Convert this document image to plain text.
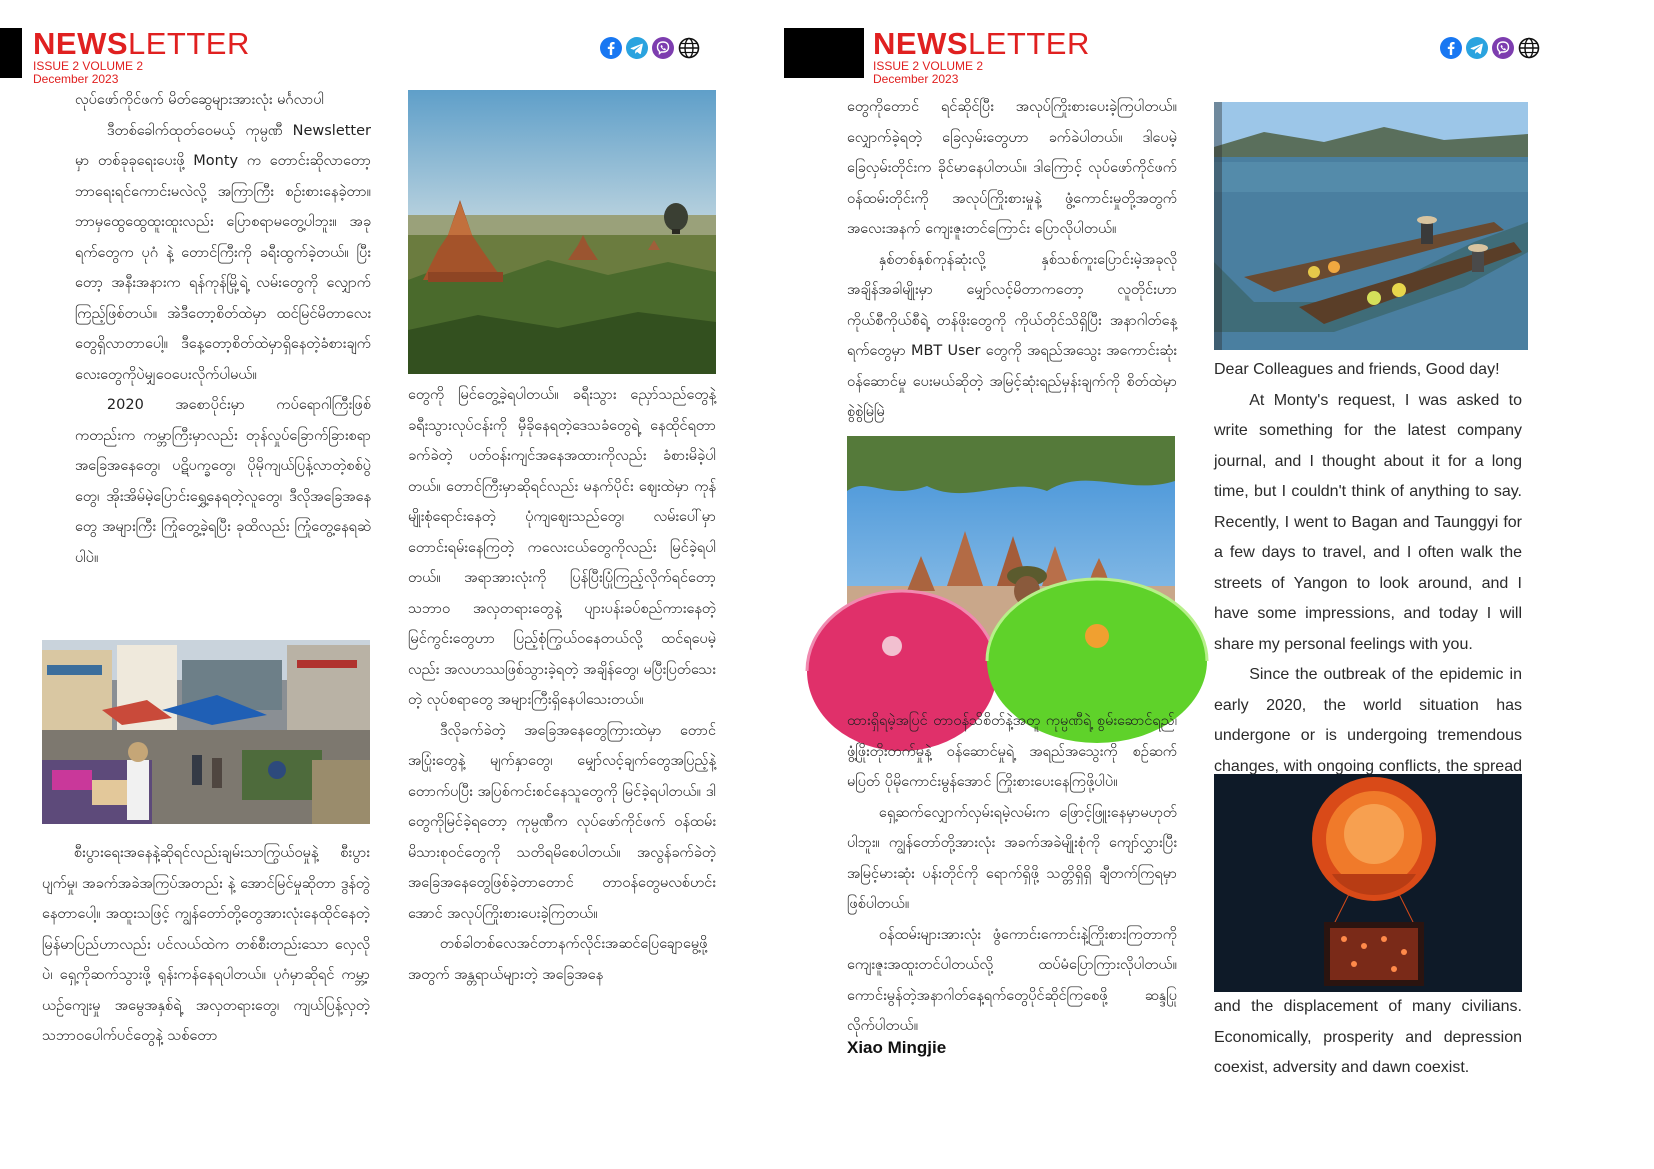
NEWSLETTER
ISSUE 2 VOLUME 2
December 2023

လုပ်ဖော်ကိုင်ဖက် မိတ်ဆွေများအားလုံး မင်္ဂလာပါ

ဒီတစ်ခေါက်ထုတ်ဝေမယ့် ကုမ္ပဏီ Newsletter မှာ တစ်ခုခုရေးပေးဖို့ Monty က တောင်းဆိုလာတော့ ဘာရေးရင်ကောင်းမလဲလို့ အကြာကြီး စဉ်းစားနေခဲ့တာ။ ဘာမှထွေထွေထူးထူးလည်း ပြောစရာမတွေ့ပါဘူး။ အခုရက်တွေက ပုဂံ နဲ့ တောင်ကြီးကို ခရီးထွက်ခဲ့တယ်။ ပြီးတော့ အနီးအနားက ရန်ကုန်မြို့ရဲ့ လမ်းတွေကို လျှောက်ကြည့်ဖြစ်တယ်။ အဲဒီတော့စိတ်ထဲမှာ ထင်မြင်မိတာလေးတွေရှိလာတာပေါ့။ ဒီနေ့တော့စိတ်ထဲမှာရှိနေတဲ့ခံစားချက်လေးတွေကိုပဲမျှဝေပေးလိုက်ပါမယ်။

2020 အစောပိုင်းမှာ ကပ်ရောဂါကြီးဖြစ်ကတည်းက ကမ္ဘာကြီးမှာလည်း တုန်လှုပ်ခြောက်ခြားစရာ အခြေအနေတွေ၊ ပဋိပက္ခတွေ၊ ပိုမိုကျယ်ပြန့်လာတဲ့စစ်ပွဲတွေ၊ အိုးအိမ်မဲ့ပြောင်းရွှေ့နေရတဲ့လူတွေ၊ ဒီလိုအခြေအနေတွေ အများကြီး ကြုံတွေ့ခဲ့ရပြီး ခုထိလည်း ကြုံတွေ့နေရဆဲပါပဲ။

စီးပွားရေးအနေနဲ့ဆိုရင်လည်းချမ်းသာကြွယ်ဝမှုနဲ့ စီးပွားပျက်မှု၊ အခက်အခဲအကြပ်အတည်း နဲ့ အောင်မြင်မှုဆိုတာ ဒွန်တွဲနေတာပေါ့။ အထူးသဖြင့် ကျွန်တော်တို့တွေအားလုံးနေထိုင်နေတဲ့ မြန်မာပြည်ဟာလည်း ပင်လယ်ထဲက တစ်စီးတည်းသော လှေလိုပဲ၊ ရှေ့ကိုဆက်သွားဖို့ ရုန်းကန်နေရပါတယ်။ ပုဂံမှာဆိုရင် ကမ္ဘာ့ယဉ်ကျေးမှု အမွေအနှစ်ရဲ့ အလှတရားတွေ၊ ကျယ်ပြန့်လှတဲ့ သဘာဝပေါက်ပင်တွေနဲ့ သစ်တော

တွေကို မြင်တွေ့ခဲ့ရပါတယ်။ ခရီးသွား ညှော်သည်တွေနဲ့ ခရီးသွားလုပ်ငန်းကို မှီခိုနေရတဲ့ဒေသခံတွေရဲ့ နေထိုင်ရတာခက်ခဲတဲ့ ပတ်ဝန်းကျင်အနေအထားကိုလည်း ခံစားမိခဲ့ပါတယ်။ တောင်ကြီးမှာဆိုရင်လည်း မနက်ပိုင်း ဈေးထဲမှာ ကုန်မျိုးစုံရောင်းနေတဲ့ ပုံကျဈေးသည်တွေ၊ လမ်းပေါ်မှာ တောင်းရမ်းနေကြတဲ့ ကလေးငယ်တွေကိုလည်း မြင်ခဲ့ရပါတယ်။ အရာအားလုံးကို ပြန်ပြီးပြုံကြည့်လိုက်ရင်တော့ သဘာဝ အလှတရားတွေနဲ့ ပျားပန်းခပ်စည်ကားနေတဲ့ မြင်ကွင်းတွေဟာ ပြည့်စုံကြွယ်ဝနေတယ်လို့ ထင်ရပေမဲ့လည်း အလဟဿဖြစ်သွားခဲ့ရတဲ့ အချိန်တွေ၊ မပြီးပြတ်သေးတဲ့ လုပ်စရာတွေ အများကြီးရှိနေပါသေးတယ်။

ဒီလိုခက်ခဲတဲ့ အခြေအနေတွေကြားထဲမှာ တောင် အပြုံးတွေနဲ့ မျက်နှာတွေ၊ မျှော်လင့်ချက်တွေအပြည့်နဲ့ တောက်ပပြီး အပြစ်ကင်းစင်နေသူတွေကို မြင်ခဲ့ရပါတယ်။ ဒါတွေကိုမြင်ခဲ့ရတော့ ကုမ္ပဏီက လုပ်ဖော်ကိုင်ဖက် ဝန်ထမ်းမိသားစုဝင်တွေကို သတိရမိစေပါတယ်။ အလွန်ခက်ခဲတဲ့အခြေအနေတွေဖြစ်ခဲ့တာတောင် တာဝန်တွေမလစ်ဟင်းအောင် အလုပ်ကြိုးစားပေးခဲ့ကြတယ်။

တစ်ခါတစ်လေအင်တာနက်လိုင်းအဆင်ပြေချောမွေ့ဖို့အတွက် အန္တရာယ်များတဲ့ အခြေအနေ

NEWSLETTER
ISSUE 2 VOLUME 2
December 2023

တွေကိုတောင် ရင်ဆိုင်ပြီး အလုပ်ကြိုးစားပေးခဲ့ကြပါတယ်။ လျှောက်ခဲ့ရတဲ့ ခြေလှမ်းတွေဟာ ခက်ခဲပါတယ်။ ဒါပေမဲ့ ခြေလှမ်းတိုင်းက ခိုင်မာနေပါတယ်။ ဒါကြောင့် လုပ်ဖော်ကိုင်ဖက် ဝန်ထမ်းတိုင်းကို အလုပ်ကြိုးစားမှုနဲ့ ဖွံ့ကောင်းမှုတို့အတွက် အလေးအနက် ကျေးဇူးတင်ကြောင်း ပြောလိုပါတယ်။

နှစ်တစ်နှစ်ကုန်ဆုံးလို့ နှစ်သစ်ကူးပြောင်းမဲ့အခုလိုအချိန်အခါမျိုးမှာ မျှော်လင့်မိတာကတော့ လူတိုင်းဟာ ကိုယ်စီကိုယ်စီရဲ့ တန်ဖိုးတွေကို ကိုယ်တိုင်သိရှိပြီး အနာဂါတ်နေ့ရက်တွေမှာ MBT User တွေကို အရည်အသွေး အကောင်းဆုံး ဝန်ဆောင်မှု ပေးမယ်ဆိုတဲ့ အမြင့်ဆုံးရည်မှန်းချက်ကို စိတ်ထဲမှာ စွဲစွဲမြဲမြဲ

ထားရှိရမဲ့အပြင် တာဝန်သိစိတ်နဲ့အတူ ကုမ္ပဏီရဲ့ စွမ်းဆောင်ရည်၊ ဖွံ့ဖြိုးတိုးတက်မှုနဲ့ ဝန်ဆောင်မှုရဲ့ အရည်အသွေးကို စဉ်ဆက်မပြတ် ပိုမိုကောင်းမွန်အောင် ကြိုးစားပေးနေကြဖို့ပါပဲ။

ရှေ့ဆက်လျှောက်လှမ်းရမဲ့လမ်းက ဖြောင့်ဖြူးနေမှာမဟုတ်ပါဘူး။ ကျွန်တော်တို့အားလုံး အခက်အခဲမျိုးစုံကို ကျော်လွှားပြီး အမြင့်မားဆုံး ပန်းတိုင်ကို ရောက်ရှိဖို့ သတ္တိရှိရှိ ချီတက်ကြရမှာဖြစ်ပါတယ်။

ဝန်ထမ်းများအားလုံး ဖွံကောင်းကောင်းနဲ့ကြိုးစားကြတာကို ကျေးဇူးအထူးတင်ပါတယ်လို့ ထပ်မံပြောကြားလိုပါတယ်။ ကောင်းမွန်တဲ့အနာဂါတ်နေ့ရက်တွေပိုင်ဆိုင်ကြစေဖို့ ဆန္ဒပြုလိုက်ပါတယ်။

Xiao Mingjie

Dear Colleagues and friends, Good day!

At Monty's request, I was asked to write something for the latest company journal, and I thought about it for a long time, but I couldn't think of anything to say. Recently, I went to Bagan and Taunggyi for a few days to travel, and I often walk the streets of Yangon to look around, and I have some impressions, and today I will share my personal feelings with you.

Since the outbreak of the epidemic in early 2020, the world situation has undergone or is undergoing tremendous changes, with ongoing conflicts, the spread

and the displacement of many civilians. Economically, prosperity and depression coexist, adversity and dawn coexist.
